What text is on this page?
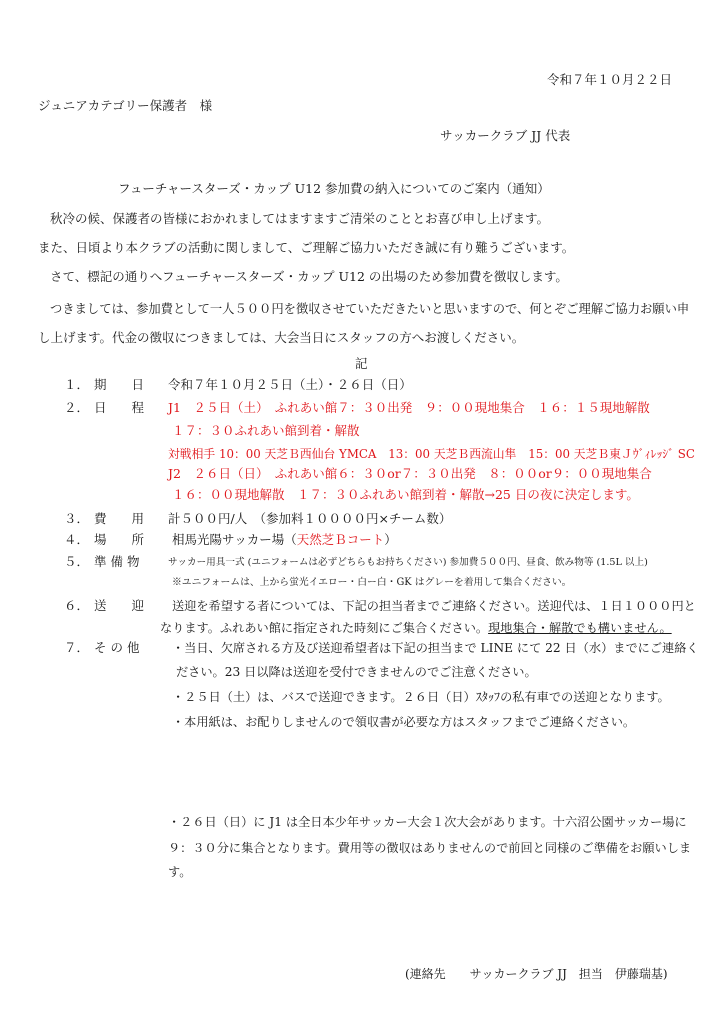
令和７年１０月２２日
ジュニアカテゴリー保護者　様
サッカークラブ JJ 代表
フューチャースターズ・カップ U12 参加費の納入についてのご案内（通知）
秋冷の候、保護者の皆様におかれましてはますますご清栄のこととお喜び申し上げます。
また、日頃より本クラブの活動に関しまして、ご理解ご協力いただき誠に有り難うございます。
さて、標記の通りへフューチャースターズ・カップ U12 の出場のため参加費を徴収します。
つきましては、参加費として一人５００円を徴収させていただきたいと思いますので、何とぞご理解ご協力お願い申
し上げます。代金の徴収につきましては、大会当日にスタッフの方へお渡しください。
記
１． 期　　日 令和７年１０月２５日（土）・２６日（日）
２． 日　　程 J1　２５日（土）　ふれあい館７：３０出発　９：００現地集合　１６：１５現地解散
１７：３０ふれあい館到着・解散
対戦相手 10：00 天芝Ｂ西仙台 YMCA　13：00 天芝Ｂ西流山隼　15：00 天芝Ｂ東Ｊｳﾞｨﾚｯｼﾞ SC
J2　２６日（日）　ふれあい館６：３０or７：３０出発　８：００or９：００現地集合
１６：００現地解散　１７：３０ふれあい館到着・解散→25 日の夜に決定します。
３． 費　　用 計５００円/人　（参加料１００００円×チーム数）
４． 場　　所 相馬光陽サッカー場（天然芝Ｂコート）
５． 準 備 物	サッカー用具一式 (ユニフォームは必ずどちらもお持ちください) 参加費５００円、昼食、飲み物等 (1.5L 以上)
※ユニフォームは、上から蛍光イエロー・白ー白・GK はグレーを着用して集合ください。
６． 送　　迎 送迎を希望する者については、下記の担当者までご連絡ください。送迎代は、１日１０００円と
なります。ふれあい館に指定された時刻にご集合ください。現地集合・解散でも構いません。
７． そ の 他	・当日、欠席される方及び送迎希望者は下記の担当まで LINE にて 22 日（水）までにご連絡く
ださい。23 日以降は送迎を受付できませんのでご注意ください。
・２５日（土）は、バスで送迎できます。２６日（日）ｽﾀｯﾌの私有車での送迎となります。
・本用紙は、お配りしませんので領収書が必要な方はスタッフまでご連絡ください。
・２６日（日）に J1 は全日本少年サッカー大会１次大会があります。十六沼公園サッカー場に
９：３０分に集合となります。費用等の徴収はありませんので前回と同様のご準備をお願いしま
す。
(連絡先　　サッカークラブ JJ　担当　伊藤瑞基)
